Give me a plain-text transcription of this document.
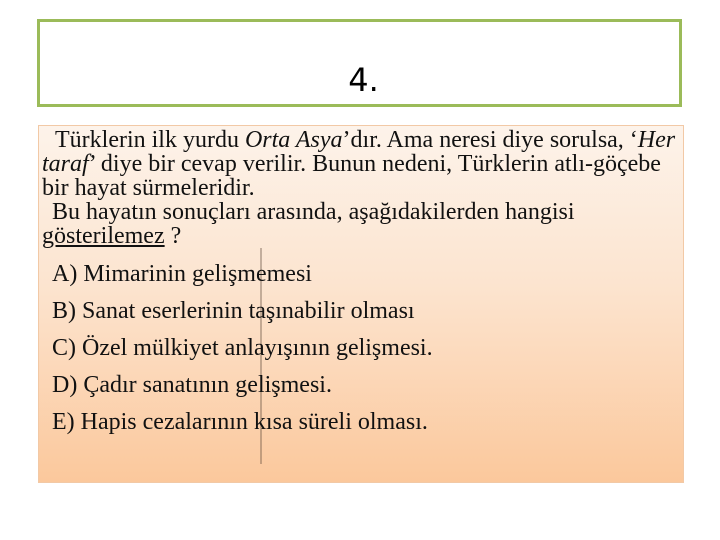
4.

Türklerin ilk yurdu Orta Asya’dır. Ama neresi diye sorulsa, ‘Her taraf’ diye bir cevap verilir. Bunun nedeni, Türklerin atlı-göçebe bir hayat sürmeleridir.

Bu hayatın sonuçları arasında, aşağıdakilerden hangisi gösterilemez ?

A) Mimarinin gelişmemesi
B) Sanat eserlerinin taşınabilir olması
C) Özel mülkiyet anlayışının gelişmesi.
D) Çadır sanatının gelişmesi.
E) Hapis cezalarının kısa süreli olması.
